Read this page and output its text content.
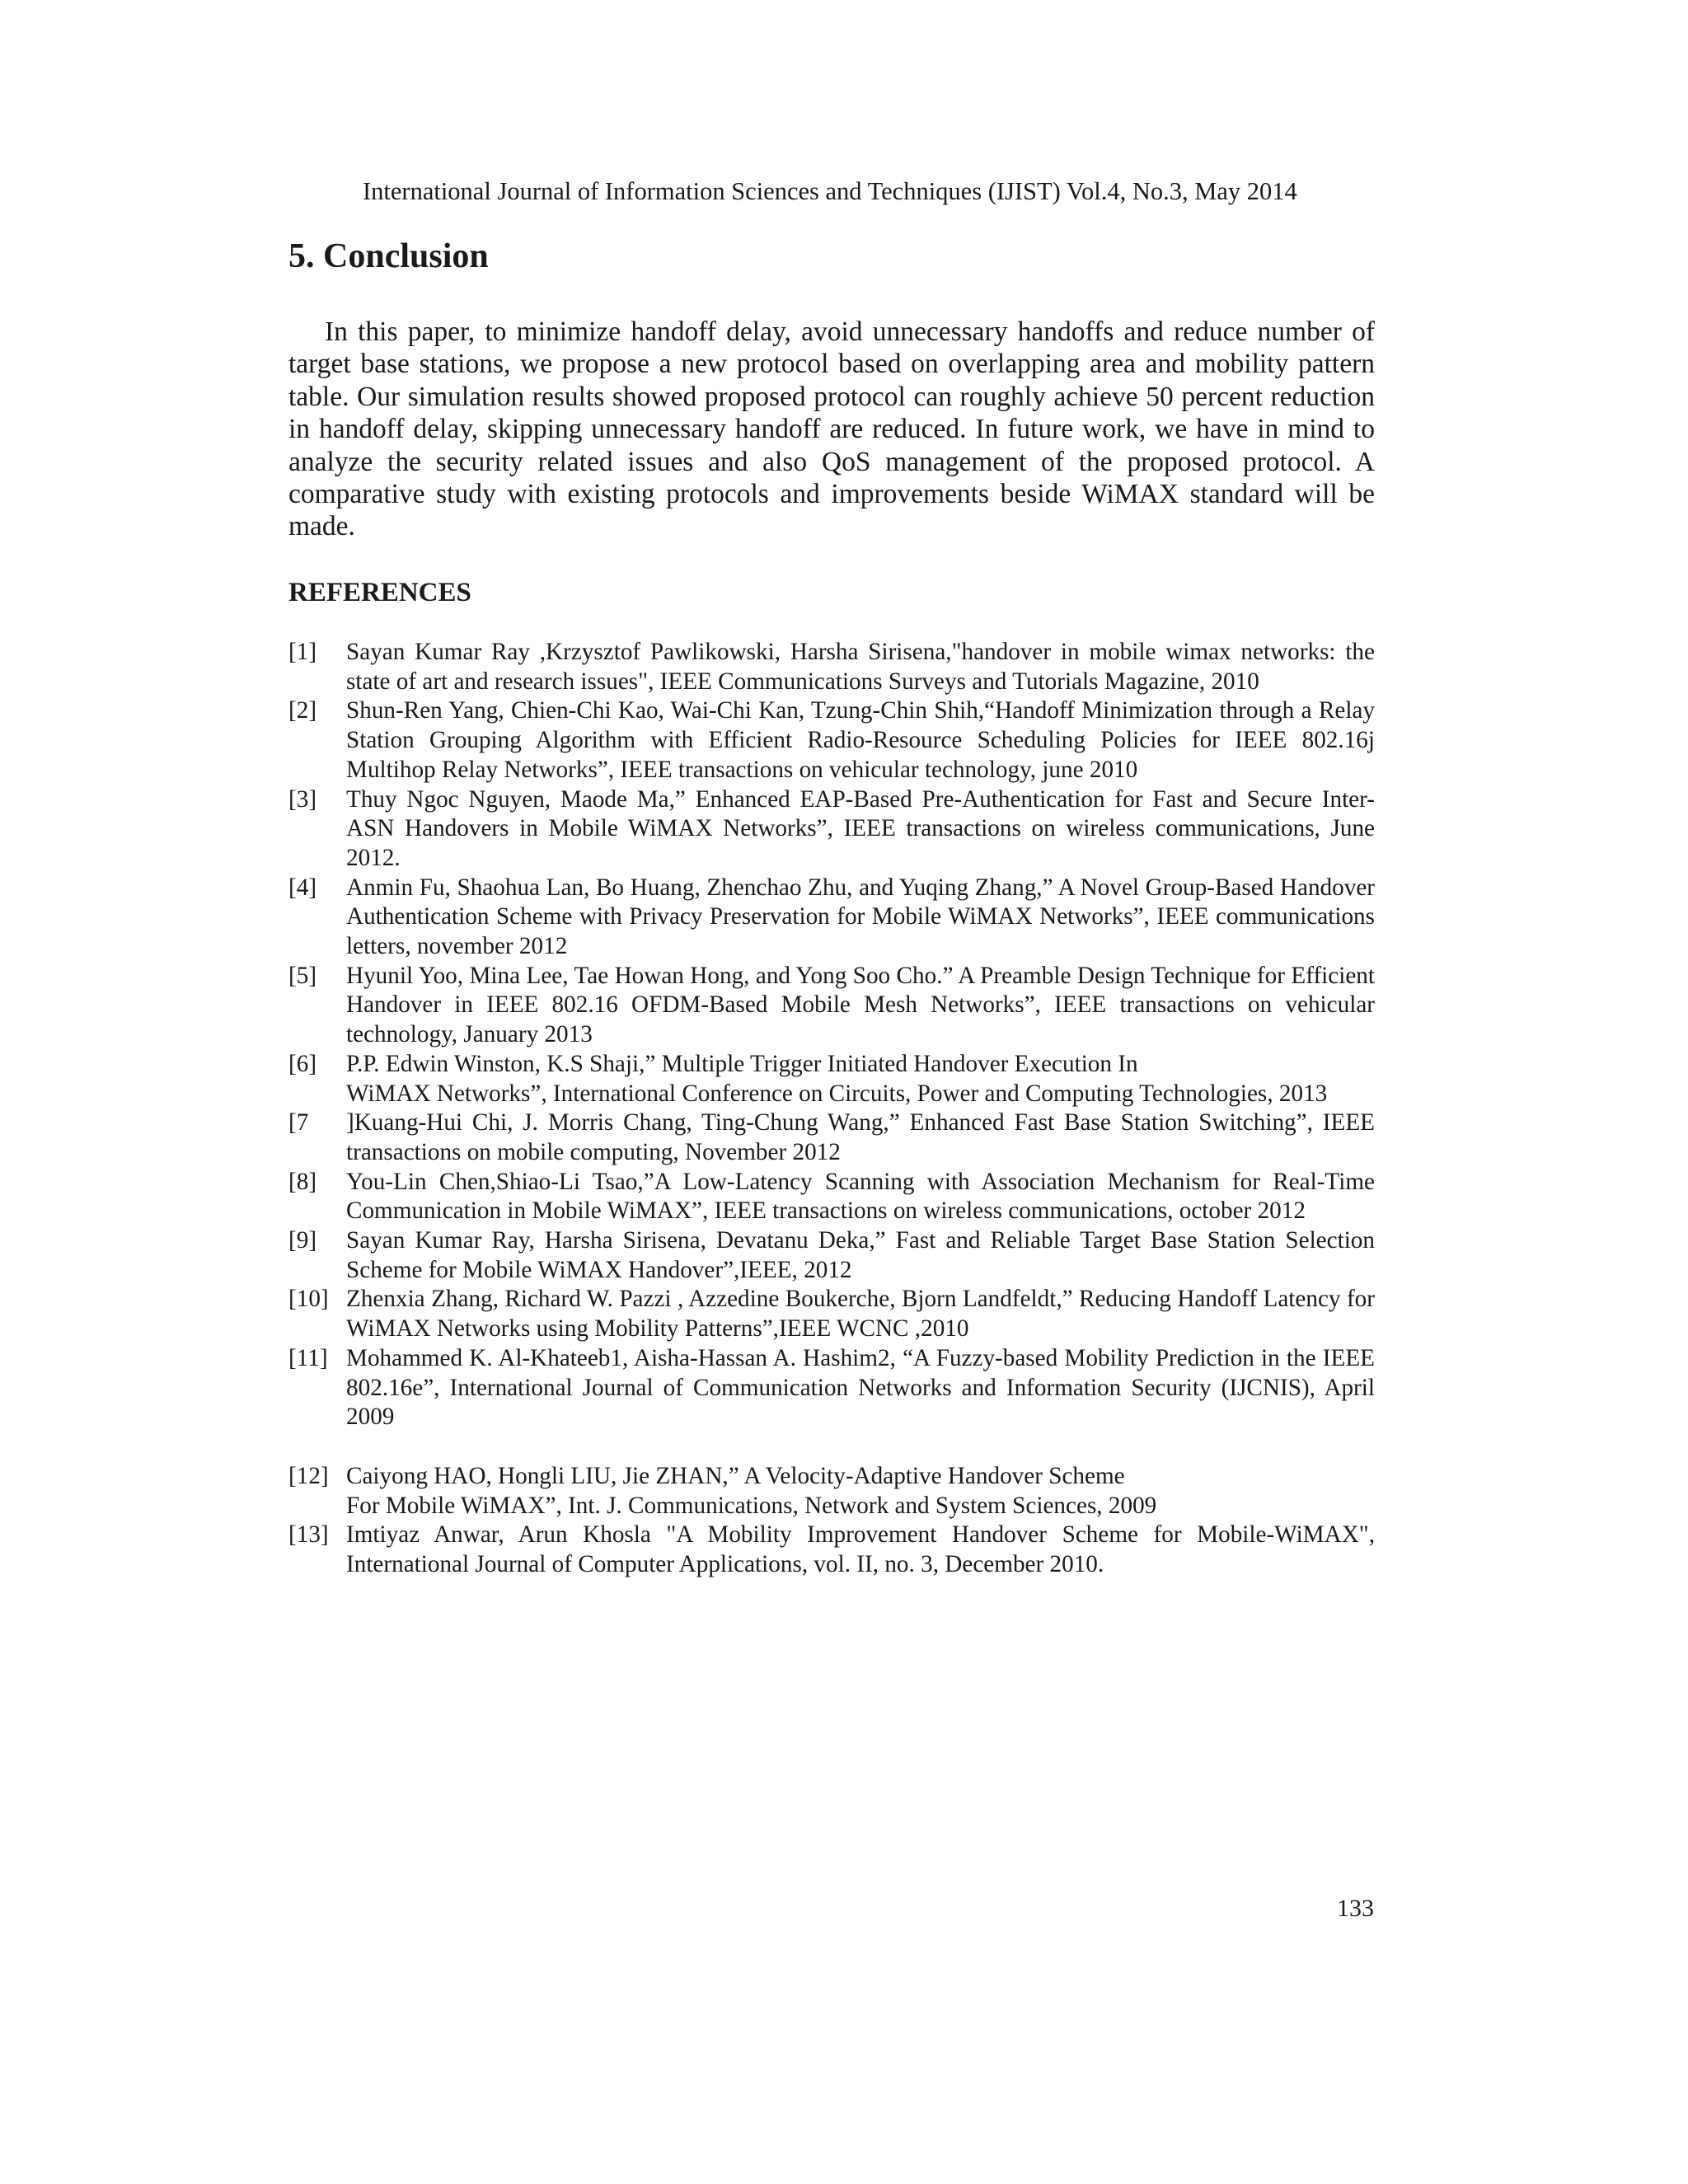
International Journal of Information Sciences and Techniques (IJIST) Vol.4, No.3, May 2014
5. Conclusion

In this paper, to minimize handoff delay, avoid unnecessary handoffs and reduce number of target base stations, we propose a new protocol based on overlapping area and mobility pattern table. Our simulation results showed proposed protocol can roughly achieve 50 percent reduction in handoff delay, skipping unnecessary handoff are reduced. In future work, we have in mind to analyze the security related issues and also QoS management of the proposed protocol. A comparative study with existing protocols and improvements beside WiMAX standard will be made.

REFERENCES
[1]	Sayan Kumar Ray ,Krzysztof Pawlikowski, Harsha Sirisena,"handover in mobile wimax networks: the state of art and research issues", IEEE Communications Surveys and Tutorials Magazine, 2010
[2]	Shun-Ren Yang, Chien-Chi Kao, Wai-Chi Kan, Tzung-Chin Shih,“Handoff Minimization through a Relay Station Grouping Algorithm with Efficient Radio-Resource Scheduling Policies for IEEE 802.16j Multihop Relay Networks”, IEEE transactions on vehicular technology, june 2010
[3]	Thuy Ngoc Nguyen, Maode Ma,” Enhanced EAP-Based Pre-Authentication for Fast and Secure Inter-ASN Handovers in Mobile WiMAX Networks”, IEEE transactions on wireless communications, June 2012.
[4]	Anmin Fu, Shaohua Lan, Bo Huang, Zhenchao Zhu, and Yuqing Zhang,” A Novel Group-Based Handover Authentication Scheme with Privacy Preservation for Mobile WiMAX Networks”, IEEE communications letters, november 2012
[5]	Hyunil Yoo, Mina Lee, Tae Howan Hong, and Yong Soo Cho.” A Preamble Design Technique for Efficient Handover in IEEE 802.16 OFDM-Based Mobile Mesh Networks”, IEEE transactions on vehicular technology, January 2013
[6]	P.P. Edwin Winston, K.S Shaji,” Multiple Trigger Initiated Handover Execution In
WiMAX Networks”, International Conference on Circuits, Power and Computing Technologies, 2013
[7	]Kuang-Hui Chi, J. Morris Chang, Ting-Chung Wang,” Enhanced Fast Base Station Switching”, IEEE transactions on mobile computing, November 2012
[8]	You-Lin Chen,Shiao-Li Tsao,”A Low-Latency Scanning with Association Mechanism for Real-Time Communication in Mobile WiMAX”, IEEE transactions on wireless communications, october 2012
[9]	Sayan Kumar Ray, Harsha Sirisena, Devatanu Deka,” Fast and Reliable Target Base Station Selection Scheme for Mobile WiMAX Handover”,IEEE, 2012
[10] Zhenxia Zhang, Richard W. Pazzi , Azzedine Boukerche, Bjorn Landfeldt,” Reducing Handoff Latency for WiMAX Networks using Mobility Patterns”,IEEE WCNC ,2010
[11] Mohammed K. Al-Khateeb1, Aisha-Hassan A. Hashim2, “A Fuzzy-based Mobility Prediction in the IEEE 802.16e”, International Journal of Communication Networks and Information Security (IJCNIS), April 2009
[12] Caiyong HAO, Hongli LIU, Jie ZHAN,” A Velocity-Adaptive Handover Scheme
For Mobile WiMAX”, Int. J. Communications, Network and System Sciences, 2009
[13] Imtiyaz Anwar, Arun Khosla "A Mobility Improvement Handover Scheme for Mobile-WiMAX", International Journal of Computer Applications, vol. II, no. 3, December 2010.
133
